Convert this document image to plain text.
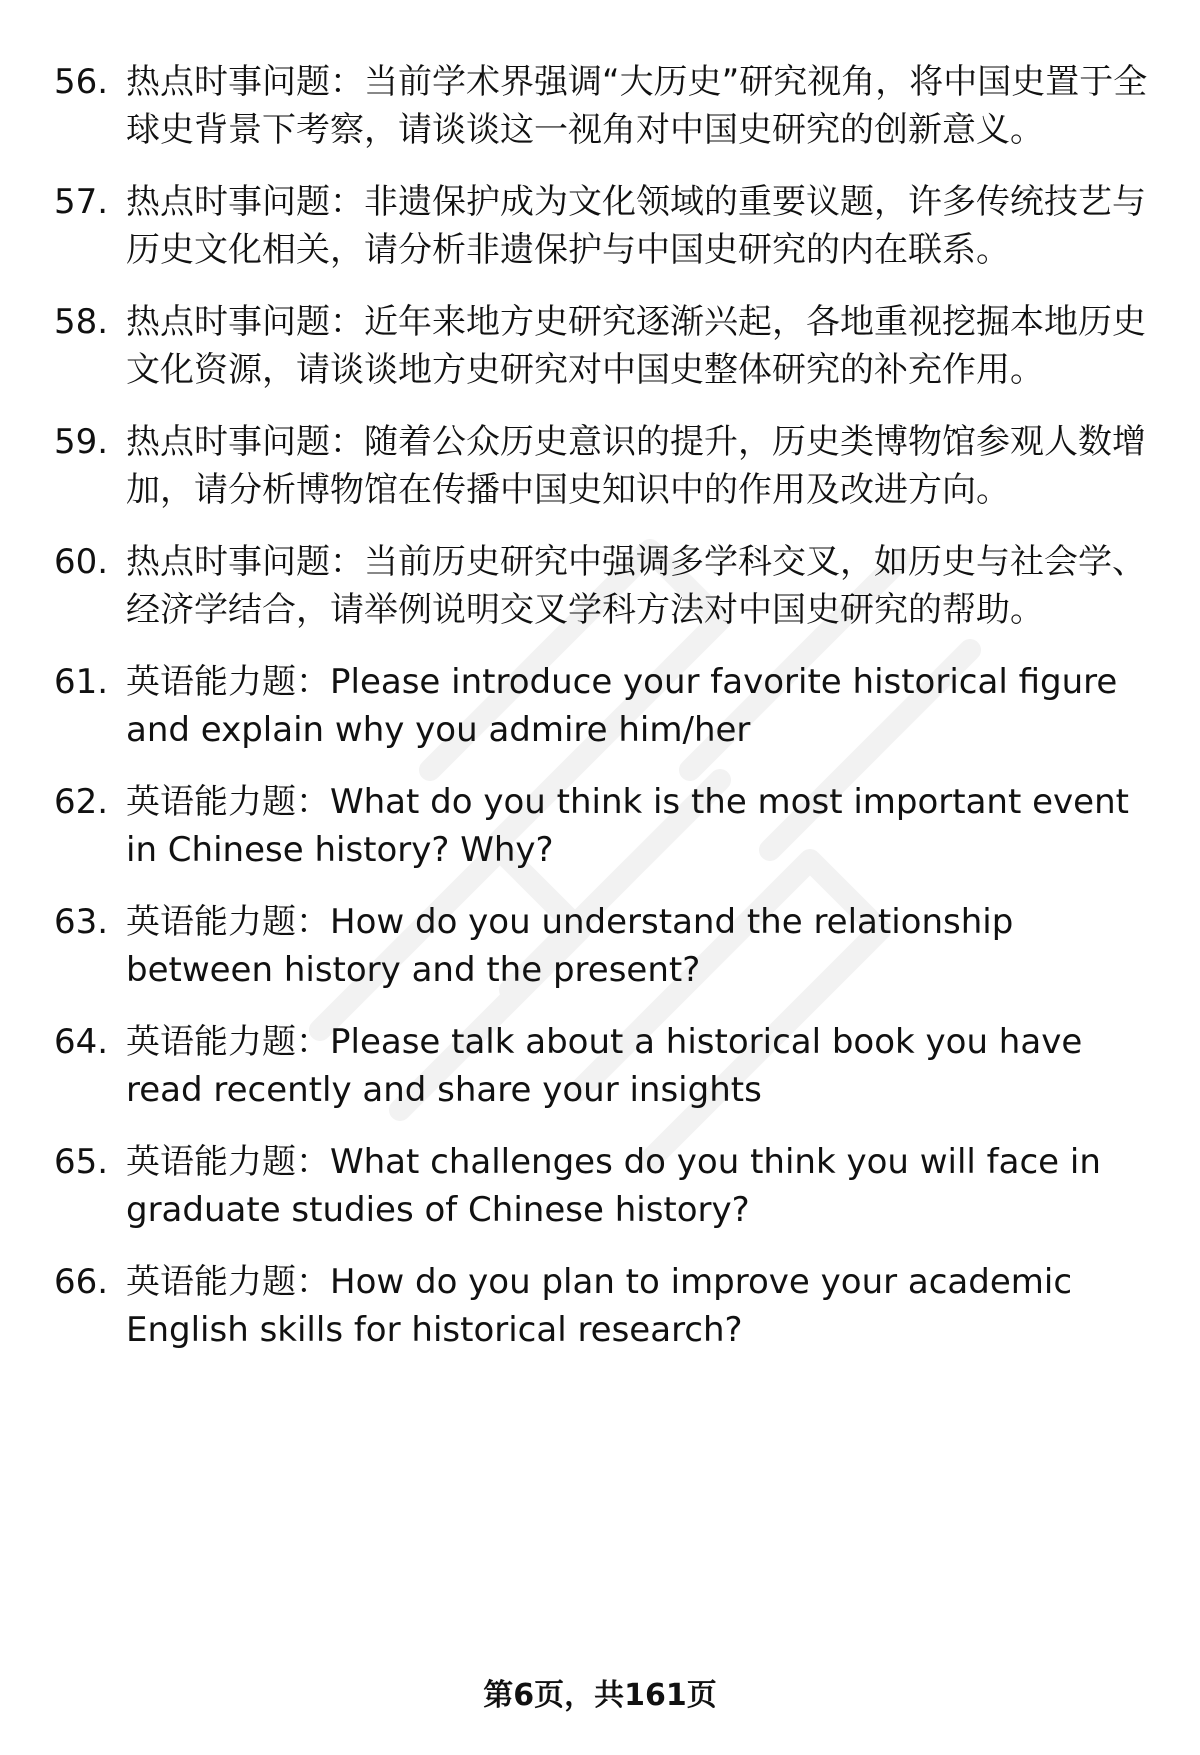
56. 热点时事问题：当前学术界强调“大历史”研究视角，将中国史置于全球史背景下考察，请谈谈这一视角对中国史研究的创新意义。
57. 热点时事问题：非遗保护成为文化领域的重要议题，许多传统技艺与历史文化相关，请分析非遗保护与中国史研究的内在联系。
58. 热点时事问题：近年来地方史研究逐渐兴起，各地重视挖掘本地历史文化资源，请谈谈地方史研究对中国史整体研究的补充作用。
59. 热点时事问题：随着公众历史意识的提升，历史类博物馆参观人数增加，请分析博物馆在传播中国史知识中的作用及改进方向。
60. 热点时事问题：当前历史研究中强调多学科交叉，如历史与社会学、经济学结合，请举例说明交叉学科方法对中国史研究的帮助。
61. 英语能力题：Please introduce your favorite historical figure and explain why you admire him/her
62. 英语能力题：What do you think is the most important event in Chinese history? Why?
63. 英语能力题：How do you understand the relationship between history and the present?
64. 英语能力题：Please talk about a historical book you have read recently and share your insights
65. 英语能力题：What challenges do you think you will face in graduate studies of Chinese history?
66. 英语能力题：How do you plan to improve your academic English skills for historical research?
第6页，共161页
